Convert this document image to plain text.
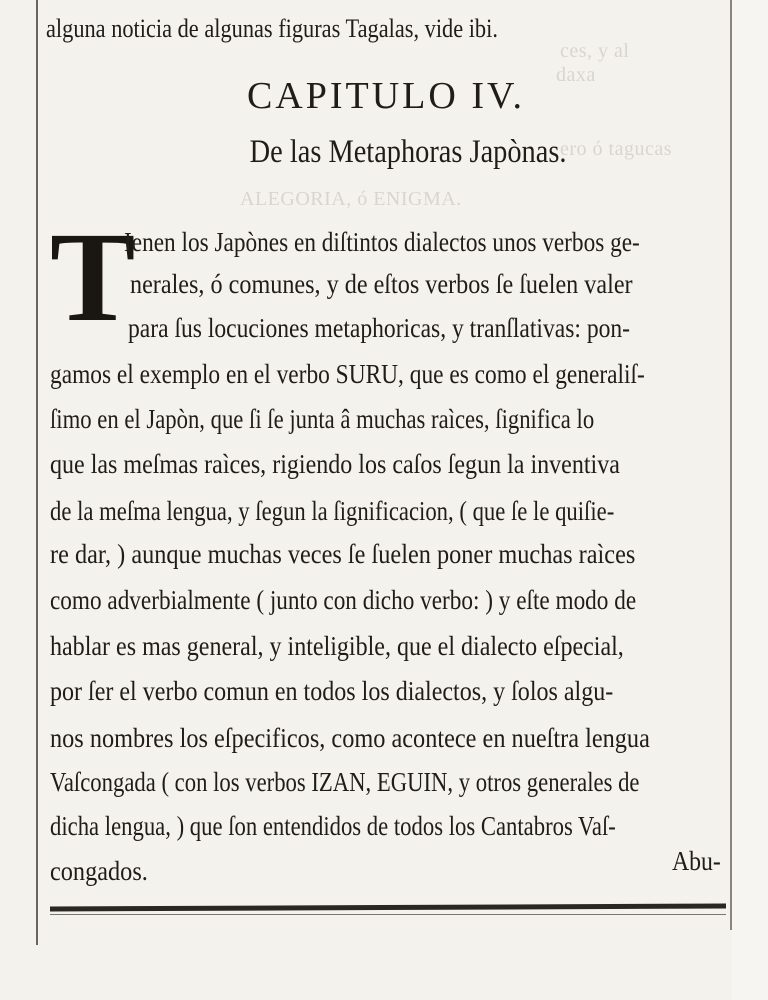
ces, y al
daxa
ALEGORIA, ó ENIGMA.
ero ó tagucas
alguna noticia de algunas figuras Tagalas, vide ibi.
CAPITULO IV.
De las Metaphoras Japònas.
T
Ienen los Japònes en diſtintos dialectos unos verbos ge-
nerales, ó comunes, y de eſtos verbos ſe ſuelen valer
para ſus locuciones metaphoricas, y tranſlativas: pon-
gamos el exemplo en el verbo SURU, que es como el generaliſ-
ſimo en el Japòn, que ſi ſe junta â muchas raìces, ſignifica lo
que las meſmas raìces, rigiendo los caſos ſegun la inventiva
de la meſma lengua, y ſegun la ſignificacion, ( que ſe le quiſie-
re dar, ) aunque muchas veces ſe ſuelen poner muchas raìces
como adverbialmente ( junto con dicho verbo: ) y eſte modo de
hablar es mas general, y inteligible, que el dialecto eſpecial,
por ſer el verbo comun en todos los dialectos, y ſolos algu-
nos nombres los eſpecificos, como acontece en nueſtra lengua
Vaſcongada ( con los verbos IZAN, EGUIN, y otros generales de
dicha lengua, ) que ſon entendidos de todos los Cantabros Vaſ-
congados.	Abu-
